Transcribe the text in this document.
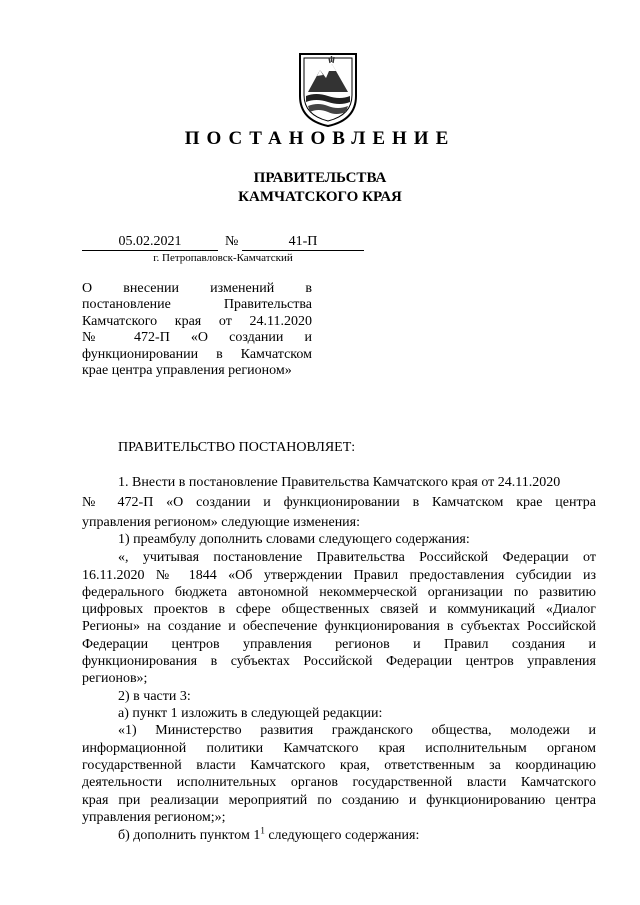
ПОСТАНОВЛЕНИЕ
ПРАВИТЕЛЬСТВА
КАМЧАТСКОГО КРАЯ
05.02.2021	№	41-П
г. Петропавловск-Камчатский
О внесении изменений в
постановление Правительства
Камчатского края от 24.11.2020
№ 472-П «О создании и
функционировании в Камчатском
крае центра управления регионом»
ПРАВИТЕЛЬСТВО ПОСТАНОВЛЯЕТ:
1. Внести в постановление Правительства Камчатского края от 24.11.2020
№ 472-П «О создании и функционировании в Камчатском крае центра
управления регионом» следующие изменения:
1) преамбулу дополнить словами следующего содержания:
«, учитывая постановление Правительства Российской Федерации от
16.11.2020 № 1844 «Об утверждении Правил предоставления субсидии из
федерального бюджета автономной некоммерческой организации по развитию
цифровых проектов в сфере общественных связей и коммуникаций «Диалог
Регионы» на создание и обеспечение функционирования в субъектах Российской
Федерации центров управления регионов и Правил создания и
функционирования в субъектах Российской Федерации центров управления
регионов»;
2) в части 3:
а) пункт 1 изложить в следующей редакции:
«1) Министерство развития гражданского общества, молодежи и
информационной политики Камчатского края исполнительным органом
государственной власти Камчатского края, ответственным за координацию
деятельности исполнительных органов государственной власти Камчатского
края при реализации мероприятий по созданию и функционированию центра
управления регионом;»;
б) дополнить пунктом $1^1$ следующего содержания:
